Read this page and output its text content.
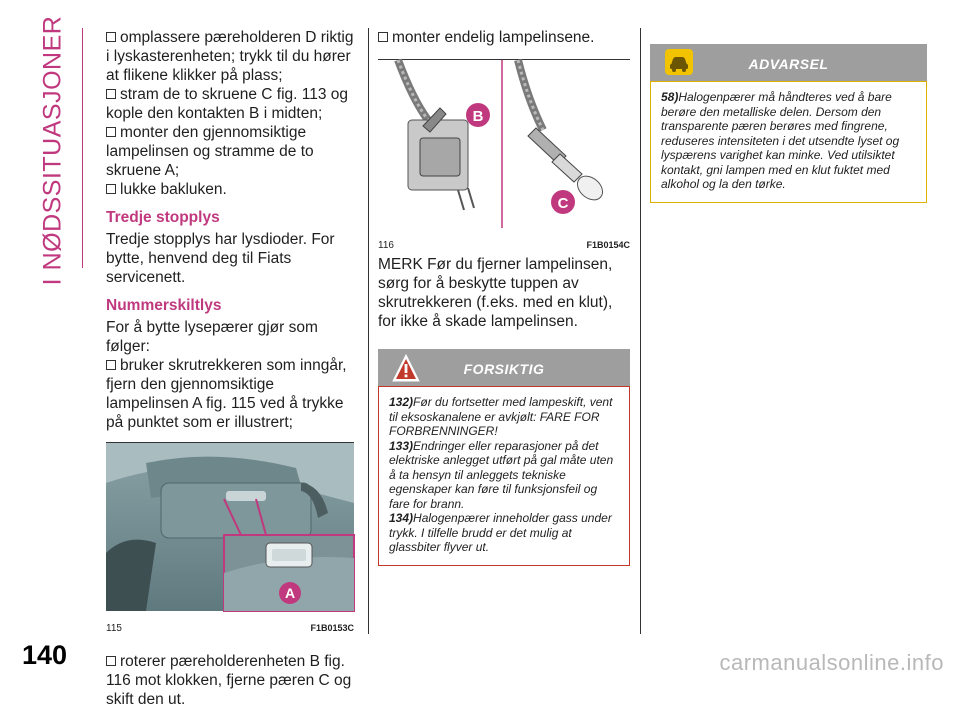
I NØDSSITUASJONER
140
omplassere pæreholderen D riktig i lyskasterenheten; trykk til du hører at flikene klikker på plass;
stram de to skruene C fig. 113 og kople den kontakten B i midten;
monter den gjennomsiktige lampelinsen og stramme de to skruene A;
lukke bakluken.
Tredje stopplys

Tredje stopplys har lysdioder. For bytte, henvend deg til Fiats servicenett.

Nummerskiltlys

For å bytte lysepærer gjør som følger:

bruker skrutrekkeren som inngår, fjern den gjennomsiktige lampelinsen A fig. 115 ved å trykke på punktet som er illustrert;
A
115	F1B0153C
roterer pæreholderenheten B fig. 116 mot klokken, fjerne pæren C og skift den ut.
monter endelig lampelinsene.
B
C
116	F1B0154C

MERK Før du fjerner lampelinsen, sørg for å beskytte tuppen av skrutrekkeren (f.eks. med en klut), for ikke å skade lampelinsen.

FORSIKTIG
132)Før du fortsetter med lampeskift, vent til eksoskanalene er avkjølt: FARE FOR FORBRENNINGER!
133)Endringer eller reparasjoner på det elektriske anlegget utført på gal måte uten å ta hensyn til anleggets tekniske egenskaper kan føre til funksjonsfeil og fare for brann.
134)Halogenpærer inneholder gass under trykk. I tilfelle brudd er det mulig at glassbiter flyver ut.
ADVARSEL
58)Halogenpærer må håndteres ved å bare berøre den metalliske delen. Dersom den transparente pæren berøres med fingrene, reduseres intensiteten i det utsendte lyset og lyspærens varighet kan minke. Ved utilsiktet kontakt, gni lampen med en klut fuktet med alkohol og la den tørke.
carmanualsonline.info
